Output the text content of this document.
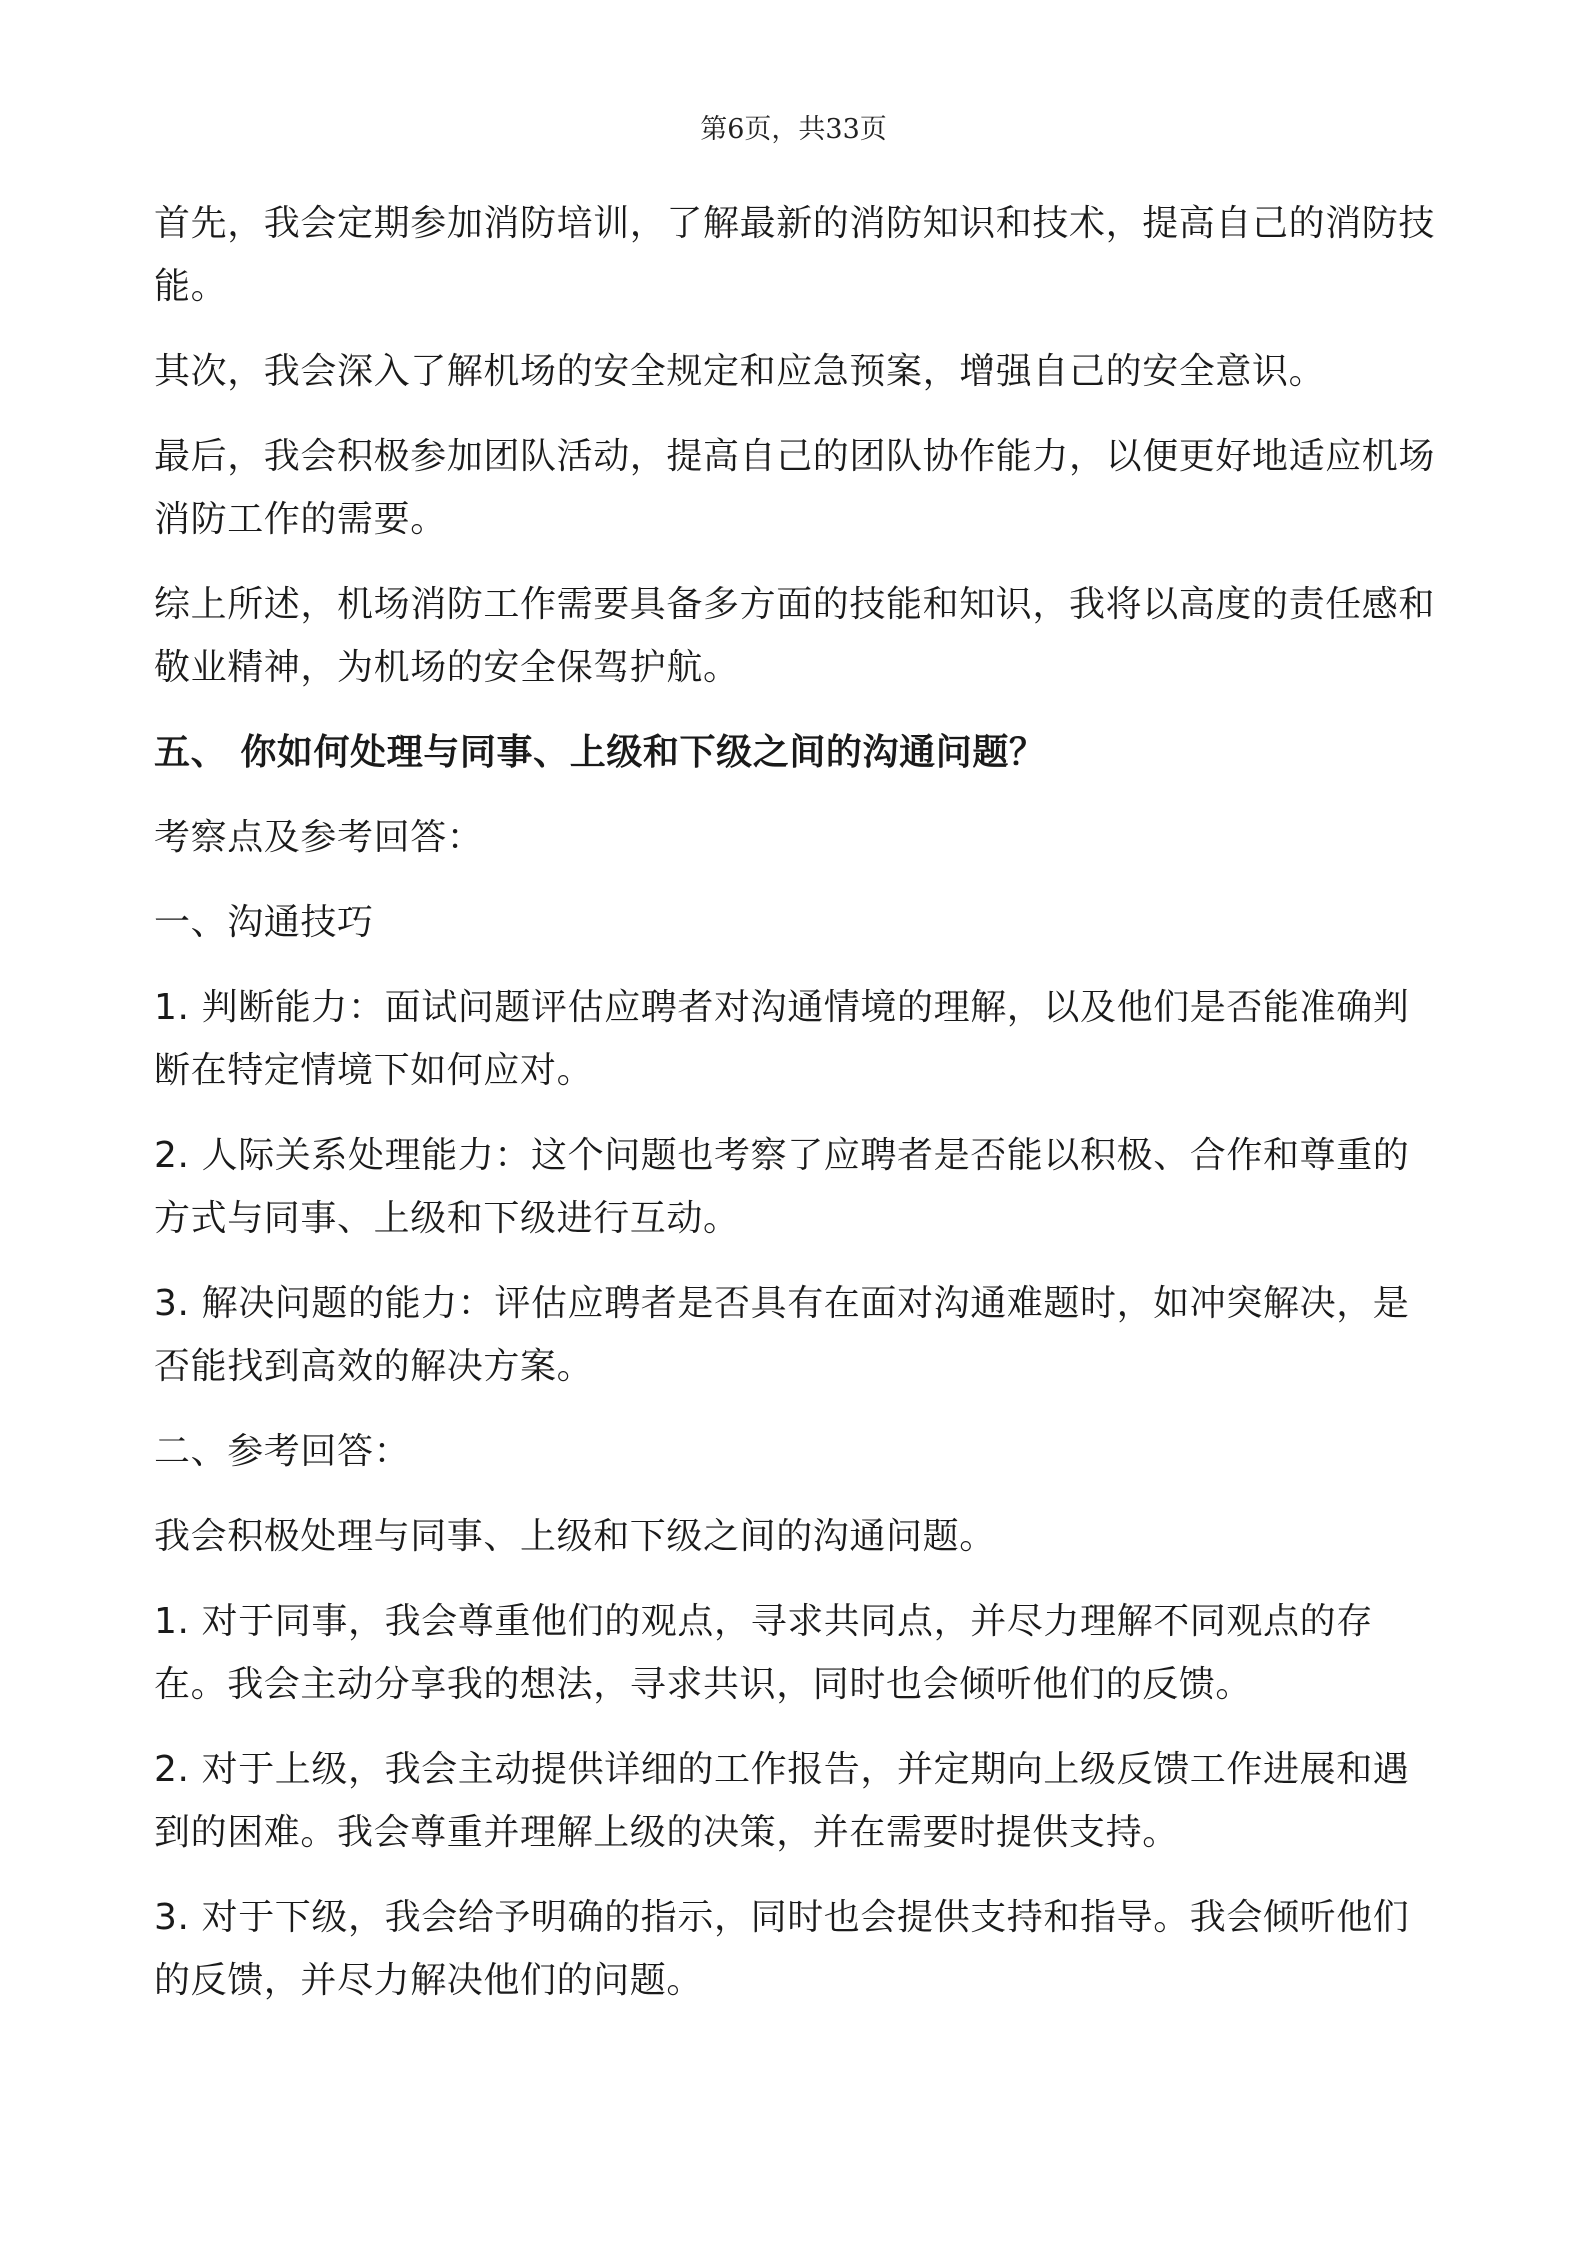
第6页，共33页

首先，我会定期参加消防培训，了解最新的消防知识和技术，提高自己的消防技能。

其次，我会深入了解机场的安全规定和应急预案，增强自己的安全意识。

最后，我会积极参加团队活动，提高自己的团队协作能力，以便更好地适应机场消防工作的需要。

综上所述，机场消防工作需要具备多方面的技能和知识，我将以高度的责任感和敬业精神，为机场的安全保驾护航。

五、 你如何处理与同事、上级和下级之间的沟通问题？

考察点及参考回答：

一、沟通技巧

1. 判断能力：面试问题评估应聘者对沟通情境的理解，以及他们是否能准确判断在特定情境下如何应对。

2. 人际关系处理能力：这个问题也考察了应聘者是否能以积极、合作和尊重的方式与同事、上级和下级进行互动。

3. 解决问题的能力：评估应聘者是否具有在面对沟通难题时，如冲突解决，是否能找到高效的解决方案。

二、参考回答：

我会积极处理与同事、上级和下级之间的沟通问题。

1. 对于同事，我会尊重他们的观点，寻求共同点，并尽力理解不同观点的存在。我会主动分享我的想法，寻求共识，同时也会倾听他们的反馈。

2. 对于上级，我会主动提供详细的工作报告，并定期向上级反馈工作进展和遇到的困难。我会尊重并理解上级的决策，并在需要时提供支持。

3. 对于下级，我会给予明确的指示，同时也会提供支持和指导。我会倾听他们的反馈，并尽力解决他们的问题。
